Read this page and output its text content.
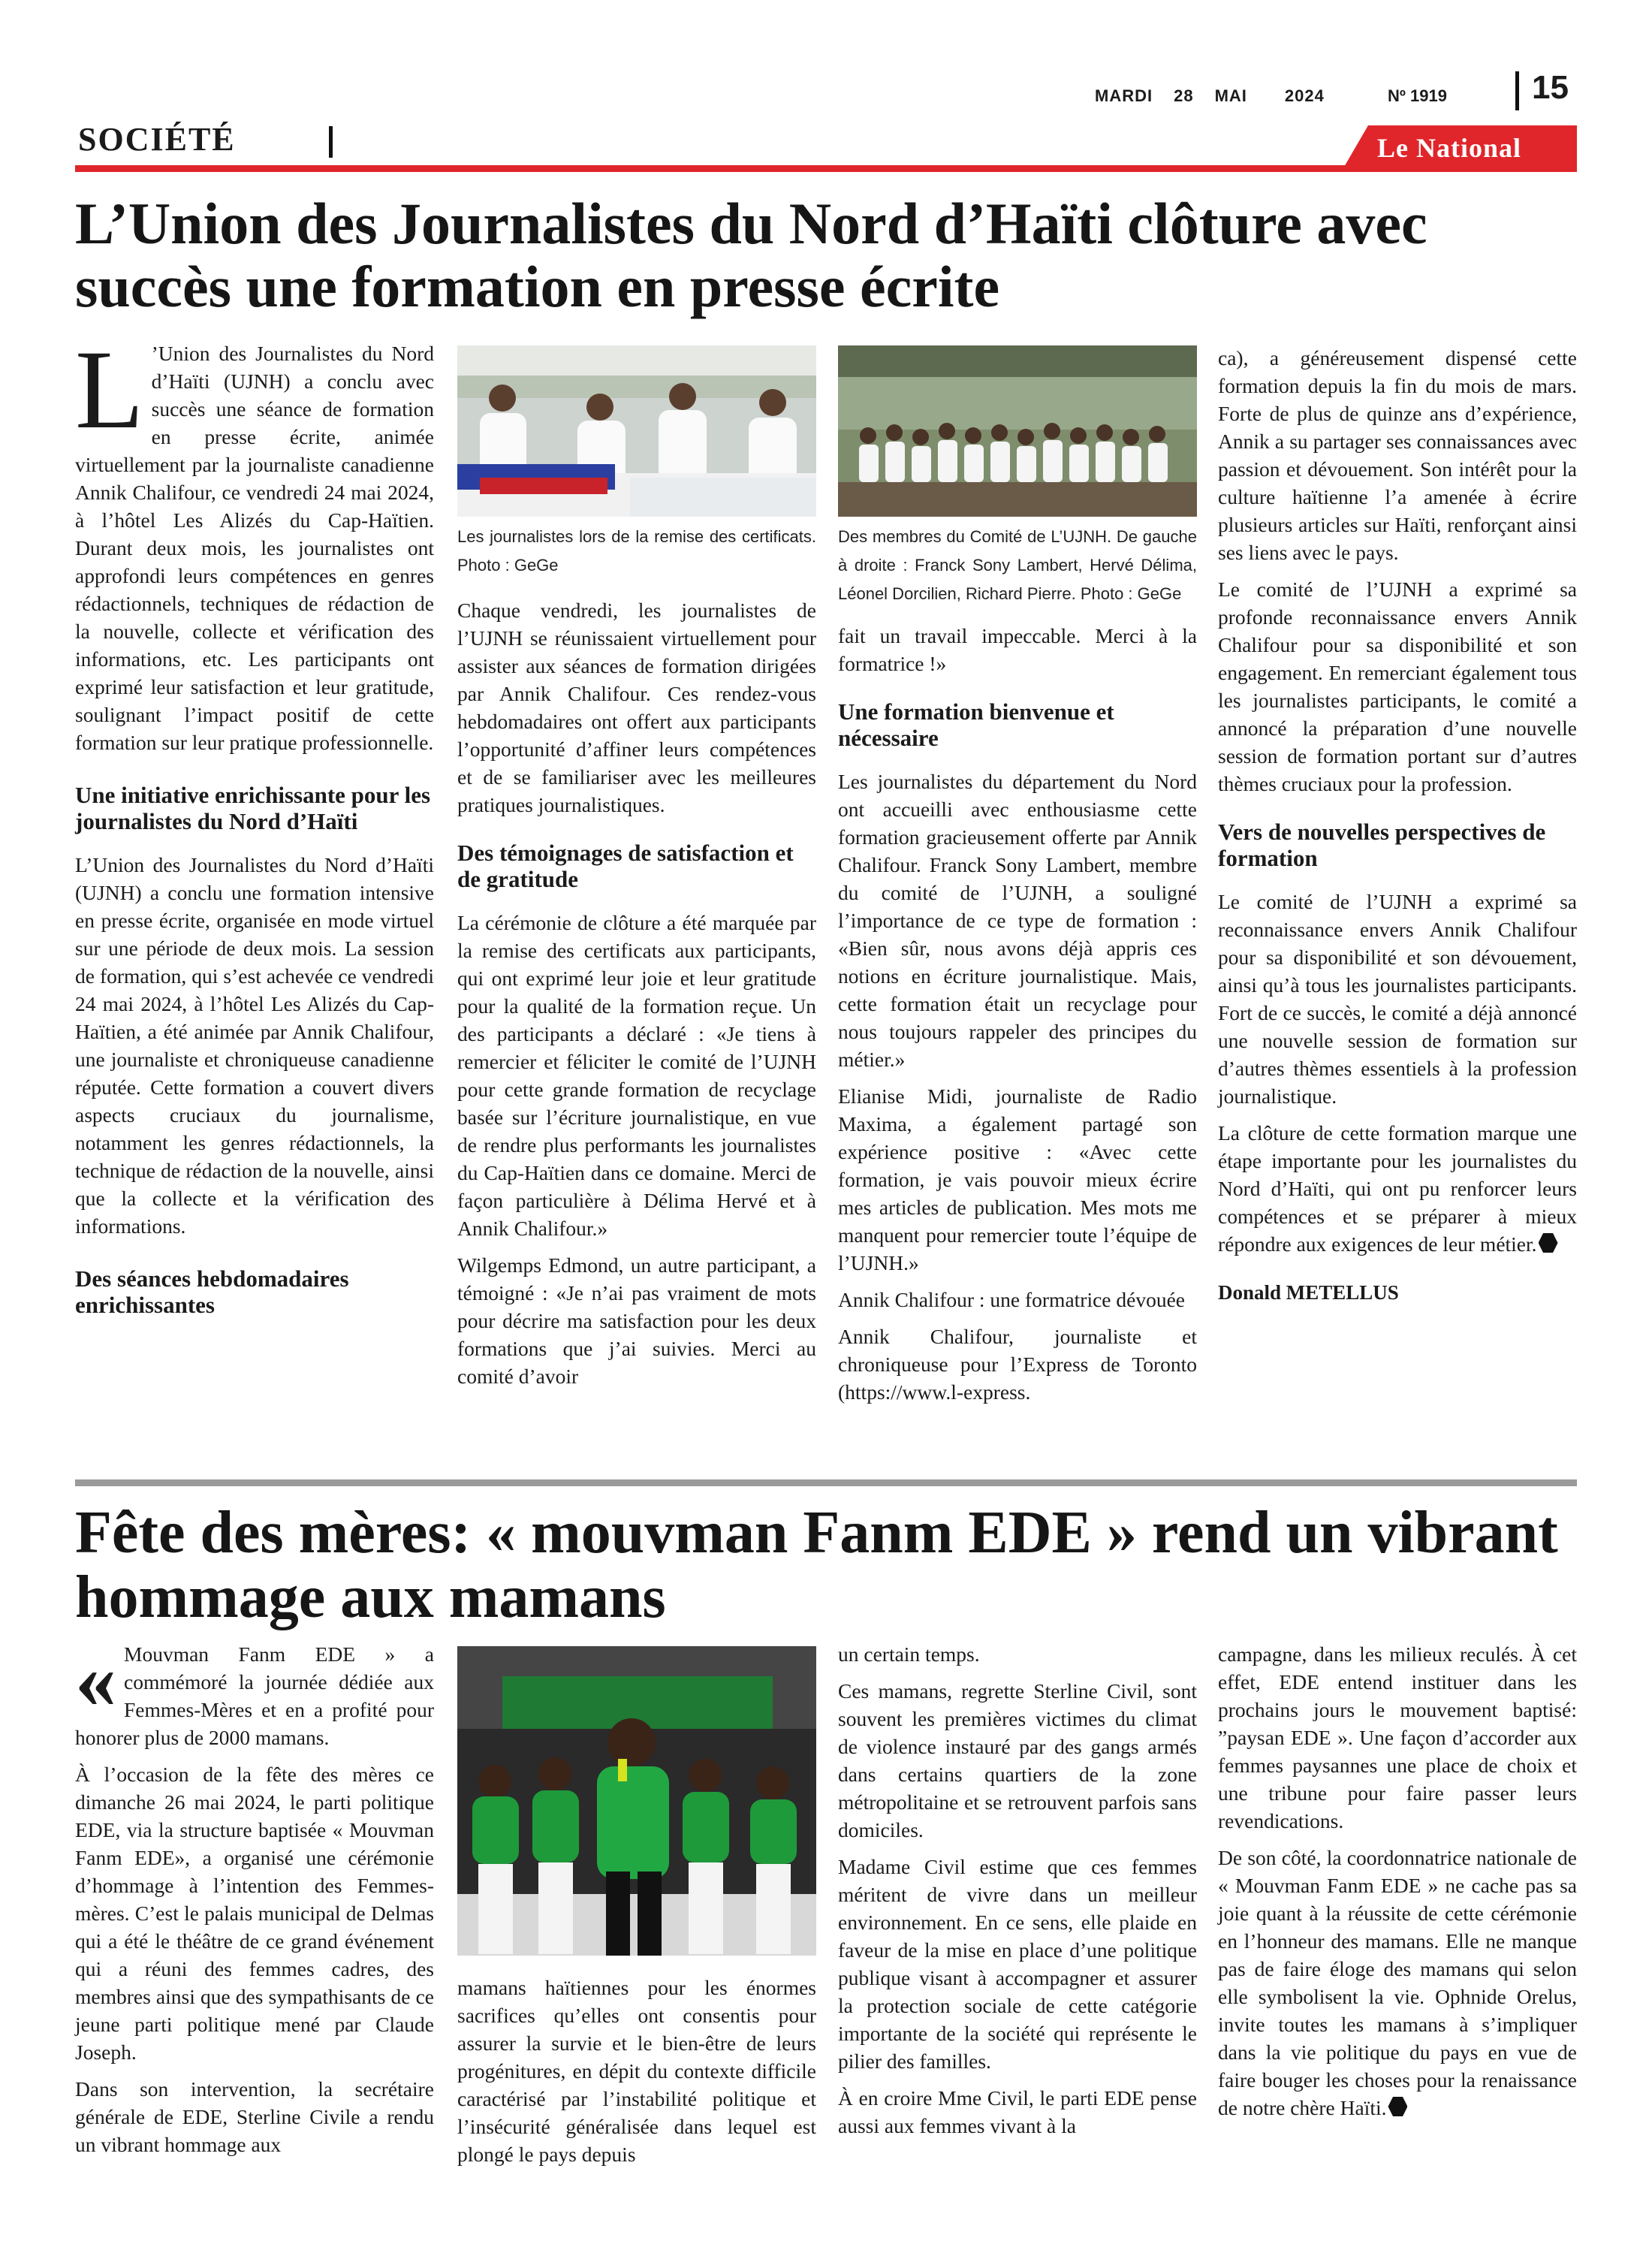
MARDI 28 MAI 2024	Nº 1919	15
SOCIÉTÉ	Le National
L’Union des Journalistes du Nord d’Haïti clôture avec succès une formation en presse écrite

L ’Union des Journalistes du Nord d’Haïti (UJNH) a conclu avec succès une séance de formation en presse écrite, animée virtuellement par la journaliste canadienne Annik Chalifour, ce vendredi 24 mai 2024, à l’hôtel Les Alizés du Cap-Haïtien. Durant deux mois, les journalistes ont approfondi leurs compétences en genres rédactionnels, techniques de rédaction de la nouvelle, collecte et vérification des informations, etc. Les participants ont exprimé leur satisfaction et leur gratitude, soulignant l’impact positif de cette formation sur leur pratique professionnelle.

Une initiative enrichissante pour les journalistes du Nord d’Haïti

L’Union des Journalistes du Nord d’Haïti (UJNH) a conclu une formation intensive en presse écrite, organisée en mode virtuel sur une période de deux mois. La session de formation, qui s’est achevée ce vendredi 24 mai 2024, à l’hôtel Les Alizés du Cap-Haïtien, a été animée par Annik Chalifour, une journaliste et chroniqueuse canadienne réputée. Cette formation a couvert divers aspects cruciaux du journalisme, notamment les genres rédactionnels, la technique de rédaction de la nouvelle, ainsi que la collecte et la vérification des informations.

Des séances hebdomadaires enrichissantes
Les journalistes lors de la remise des certificats. Photo : GeGe

Chaque vendredi, les journalistes de l’UJNH se réunissaient virtuellement pour assister aux séances de formation dirigées par Annik Chalifour. Ces rendez-vous hebdomadaires ont offert aux participants l’opportunité d’affiner leurs compétences et de se familiariser avec les meilleures pratiques journalistiques.

Des témoignages de satisfaction et de gratitude

La cérémonie de clôture a été marquée par la remise des certificats aux participants, qui ont exprimé leur joie et leur gratitude pour la qualité de la formation reçue. Un des participants a déclaré : «Je tiens à remercier et féliciter le comité de l’UJNH pour cette grande formation de recyclage basée sur l’écriture journalistique, en vue de rendre plus performants les journalistes du Cap-Haïtien dans ce domaine. Merci de façon particulière à Délima Hervé et à Annik Chalifour.»

Wilgemps Edmond, un autre participant, a témoigné : «Je n’ai pas vraiment de mots pour décrire ma satisfaction pour les deux formations que j’ai suivies. Merci au comité d’avoir

Des membres du Comité de L’UJNH. De gauche à droite : Franck Sony Lambert, Hervé Délima, Léonel Dorcilien, Richard Pierre. Photo : GeGe

fait un travail impeccable. Merci à la formatrice !»

Une formation bienvenue et nécessaire

Les journalistes du département du Nord ont accueilli avec enthousiasme cette formation gracieusement offerte par Annik Chalifour. Franck Sony Lambert, membre du comité de l’UJNH, a souligné l’importance de ce type de formation : «Bien sûr, nous avons déjà appris ces notions en écriture journalistique. Mais, cette formation était un recyclage pour nous toujours rappeler des principes du métier.»

Elianise Midi, journaliste de Radio Maxima, a également partagé son expérience positive : «Avec cette formation, je vais pouvoir mieux écrire mes articles de publication. Mes mots me manquent pour remercier toute l’équipe de l’UJNH.»

Annik Chalifour : une formatrice dévouée

Annik Chalifour, journaliste et chroniqueuse pour l’Express de Toronto (https://www.l-express.

ca), a généreusement dispensé cette formation depuis la fin du mois de mars. Forte de plus de quinze ans d’expérience, Annik a su partager ses connaissances avec passion et dévouement. Son intérêt pour la culture haïtienne l’a amenée à écrire plusieurs articles sur Haïti, renforçant ainsi ses liens avec le pays.

Le comité de l’UJNH a exprimé sa profonde reconnaissance envers Annik Chalifour pour sa disponibilité et son engagement. En remerciant également tous les journalistes participants, le comité a annoncé la préparation d’une nouvelle session de formation portant sur d’autres thèmes cruciaux pour la profession.

Vers de nouvelles perspectives de formation

Le comité de l’UJNH a exprimé sa reconnaissance envers Annik Chalifour pour sa disponibilité et son dévouement, ainsi qu’à tous les journalistes participants. Fort de ce succès, le comité a déjà annoncé une nouvelle session de formation sur d’autres thèmes essentiels à la profession journalistique.

La clôture de cette formation marque une étape importante pour les journalistes du Nord d’Haïti, qui ont pu renforcer leurs compétences et se préparer à mieux répondre aux exigences de leur métier.

Donald METELLUS
Fête des mères: « mouvman Fanm EDE » rend un vibrant hommage aux mamans

« Mouvman Fanm EDE » a commémoré la journée dédiée aux Femmes-Mères et en a profité pour honorer plus de 2000 mamans.

À l’occasion de la fête des mères ce dimanche 26 mai 2024, le parti politique EDE, via la structure baptisée « Mouvman Fanm EDE», a organisé une cérémonie d’hommage à l’intention des Femmes-mères. C’est le palais municipal de Delmas qui a été le théâtre de ce grand événement qui a réuni des femmes cadres, des membres ainsi que des sympathisants de ce jeune parti politique mené par Claude Joseph.

Dans son intervention, la secrétaire générale de EDE, Sterline Civile a rendu un vibrant hommage aux

mamans haïtiennes pour les énormes sacrifices qu’elles ont consentis pour assurer la survie et le bien-être de leurs progénitures, en dépit du contexte difficile caractérisé par l’instabilité politique et l’insécurité généralisée dans lequel est plongé le pays depuis

un certain temps.

Ces mamans, regrette Sterline Civil, sont souvent les premières victimes du climat de violence instauré par des gangs armés dans certains quartiers de la zone métropolitaine et se retrouvent parfois sans domiciles.

Madame Civil estime que ces femmes méritent de vivre dans un meilleur environnement. En ce sens, elle plaide en faveur de la mise en place d’une politique publique visant à accompagner et assurer la protection sociale de cette catégorie importante de la société qui représente le pilier des familles.

À en croire Mme Civil, le parti EDE pense aussi aux femmes vivant à la

campagne, dans les milieux reculés. À cet effet, EDE entend instituer dans les prochains jours le mouvement baptisé: ”paysan EDE ». Une façon d’accorder aux femmes paysannes une place de choix et une tribune pour faire passer leurs revendications.

De son côté, la coordonnatrice nationale de « Mouvman Fanm EDE » ne cache pas sa joie quant à la réussite de cette cérémonie en l’honneur des mamans. Elle ne manque pas de faire éloge des mamans qui selon elle symbolisent la vie. Ophnide Orelus, invite toutes les mamans à s’impliquer dans la vie politique du pays en vue de faire bouger les choses pour la renaissance de notre chère Haïti.
